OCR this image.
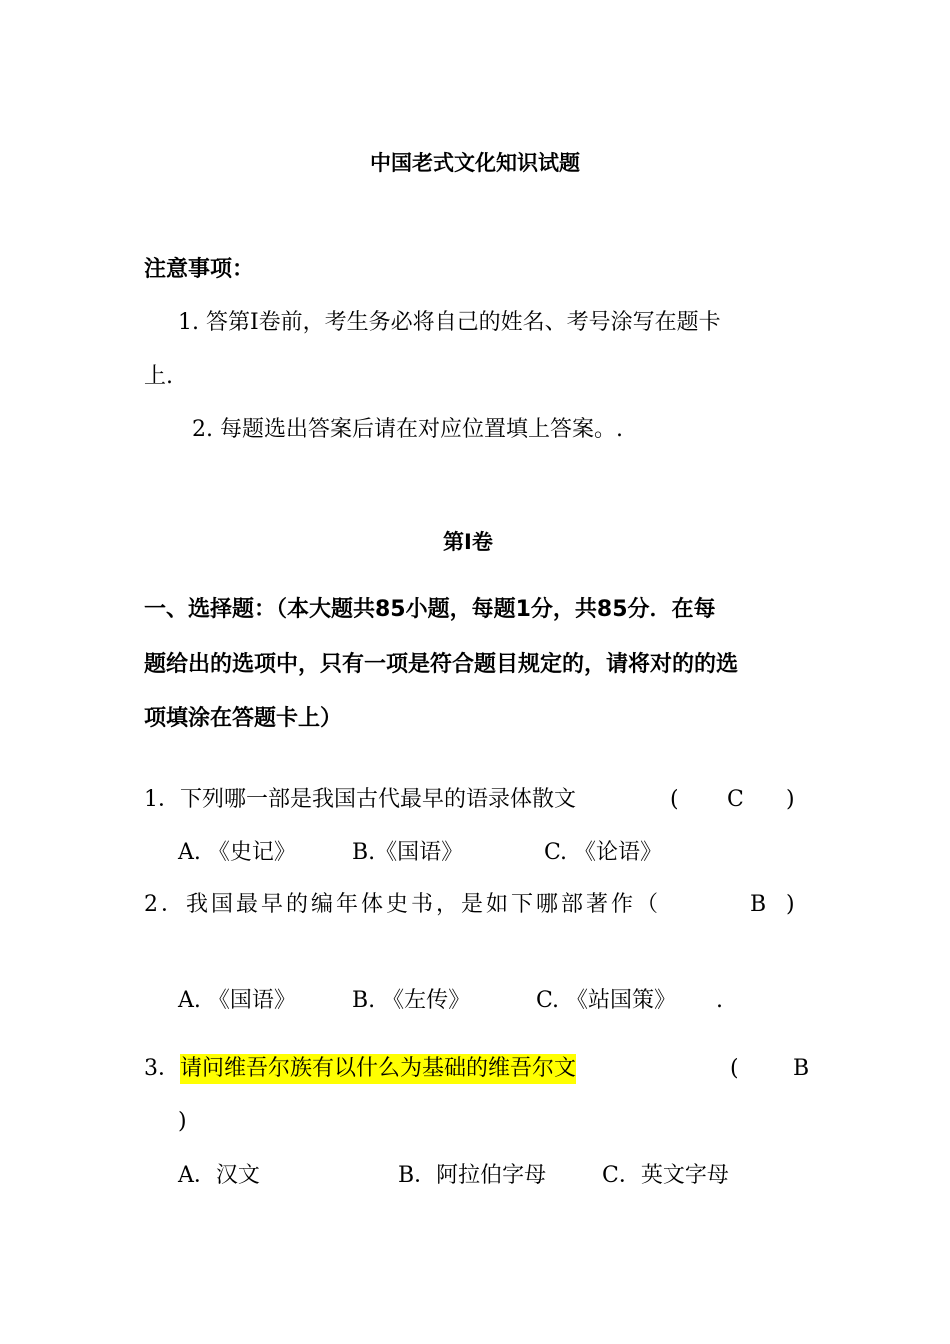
中国老式文化知识试题
注意事项：
1. 答第Ⅰ卷前，考生务必将自己的姓名、考号涂写在题卡
上.
2. 每题选出答案后请在对应位置填上答案。.
第Ⅰ卷
一、选择题：（本大题共85小题，每题1分，共85分．在每
题给出的选项中，只有一项是符合题目规定的，请将对的的选
项填涂在答题卡上）
1．下列哪一部是我国古代最早的语录体散文	( C )
A. 《史记》	B.《国语》	C. 《论语》
2．我国最早的编年体史书，是如下哪部著作（	B )
A. 《国语》	B. 《左传》	C. 《站国策》 .
3． 请问维吾尔族有以什么为基础的维吾尔文	( B
)
A．汉文	B．阿拉伯字母	C．英文字母
